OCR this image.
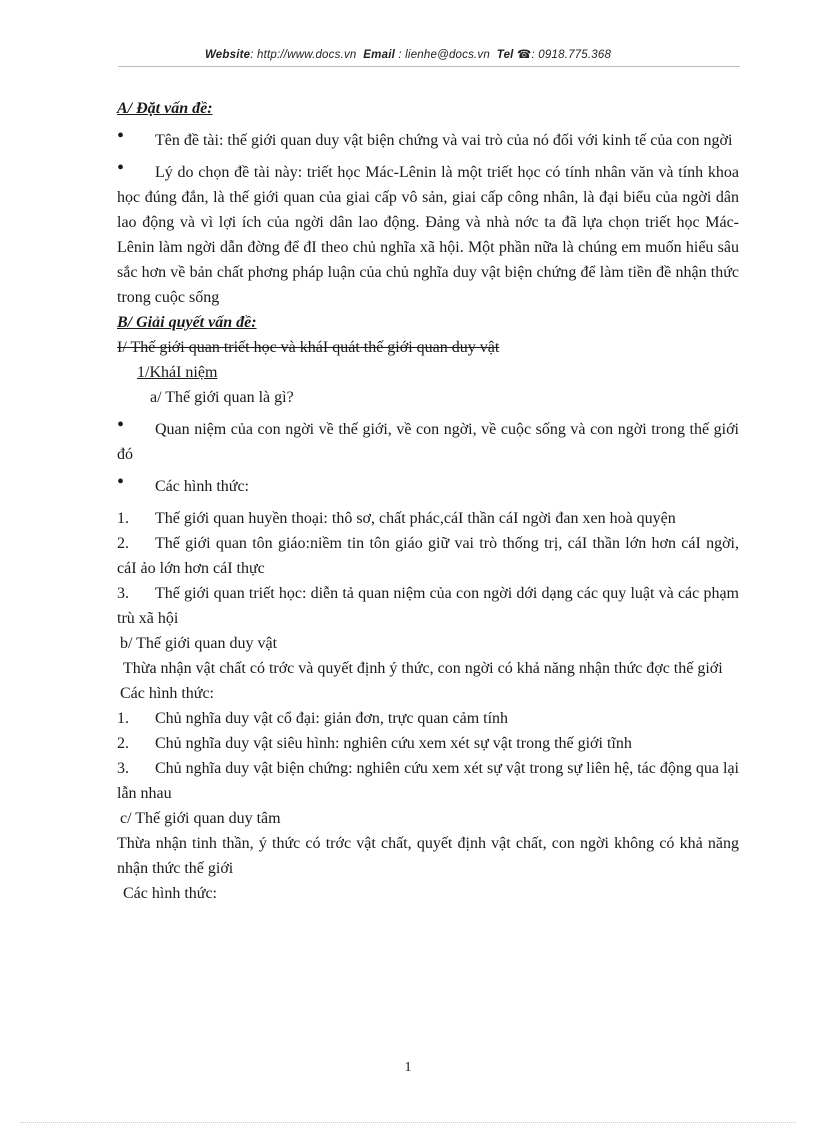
Website: http://www.docs.vn Email : lienhe@docs.vn Tel ☎: 0918.775.368

A/ Đặt vấn đề:

• Tên đề tài: thế giới quan duy vật biện chứng và vai trò của nó đối với kinh tế của con ngời

• Lý do chọn đề tài này: triết học Mác-Lênin là một triết học có tính nhân văn và tính khoa học đúng đắn, là thế giới quan của giai cấp vô sản, giai cấp công nhân, là đại biểu của ngời dân lao động và vì lợi ích của ngời dân lao động. Đảng và nhà nớc ta đã lựa chọn triết học Mác-Lênin làm ngời dẫn đờng để đI theo chủ nghĩa xã hội. Một phần nữa là chúng em muốn hiểu sâu sắc hơn về bản chất phơng pháp luận của chủ nghĩa duy vật biện chứng để làm tiền đề nhận thức trong cuộc sống

B/ Giải quyết vấn đề:

I/ Thế giới quan triết học và kháI quát thế giới quan duy vật

1/KháI niệm

a/ Thế giới quan là gì?

• Quan niệm của con ngời về thế giới, về con ngời, về cuộc sống và con ngời trong thế giới đó

• Các hình thức:

1. Thế giới quan huyền thoại: thô sơ, chất phác,cáI thần cáI ngời đan xen hoà quyện

2. Thế giới quan tôn giáo:niềm tin tôn giáo giữ vai trò thống trị, cáI thần lớn hơn cáI ngời, cáI ảo lớn hơn cáI thực

3. Thế giới quan triết học: diễn tả quan niệm của con ngời dới dạng các quy luật và các phạm trù xã hội

b/ Thế giới quan duy vật

Thừa nhận vật chất có trớc và quyết định ý thức, con ngời có khả năng nhận thức đợc thế giới

Các hình thức:

1. Chủ nghĩa duy vật cổ đại: giản đơn, trực quan cảm tính

2. Chủ nghĩa duy vật siêu hình: nghiên cứu xem xét sự vật trong thế giới tĩnh

3. Chủ nghĩa duy vật biện chứng: nghiên cứu xem xét sự vật trong sự liên hệ, tác động qua lại lẫn nhau

c/ Thế giới quan duy tâm

Thừa nhận tinh thần, ý thức có trớc vật chất, quyết định vật chất, con ngời không có khả năng nhận thức thế giới

Các hình thức:

1
